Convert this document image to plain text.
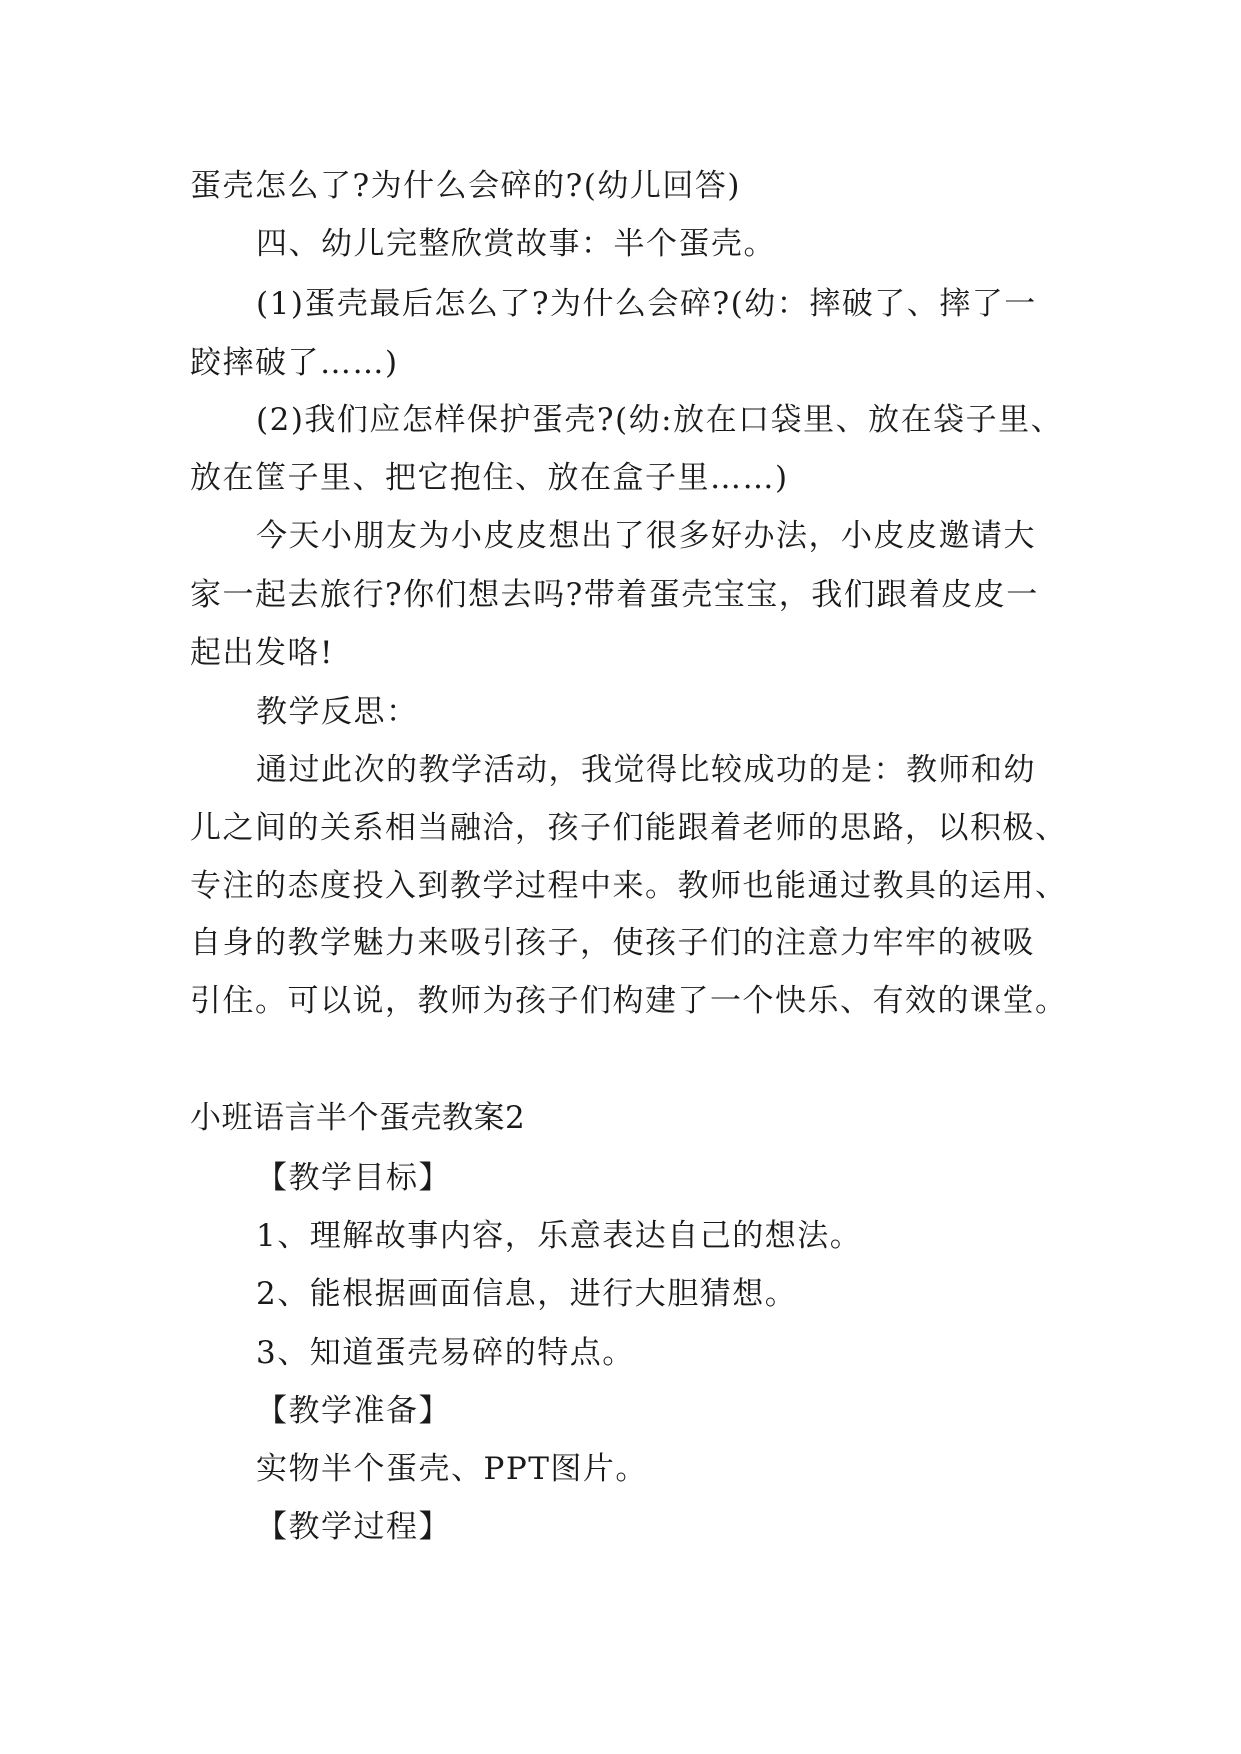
蛋壳怎么了?为什么会碎的?(幼儿回答)

四、幼儿完整欣赏故事：半个蛋壳。

(1)蛋壳最后怎么了?为什么会碎?(幼：摔破了、摔了一

跤摔破了……)

(2)我们应怎样保护蛋壳?(幼:放在口袋里、放在袋子里、

放在筐子里、把它抱住、放在盒子里……)

今天小朋友为小皮皮想出了很多好办法，小皮皮邀请大

家一起去旅行?你们想去吗?带着蛋壳宝宝，我们跟着皮皮一

起出发咯!

教学反思：

通过此次的教学活动，我觉得比较成功的是：教师和幼

儿之间的关系相当融洽，孩子们能跟着老师的思路，以积极、

专注的态度投入到教学过程中来。教师也能通过教具的运用、

自身的教学魅力来吸引孩子，使孩子们的注意力牢牢的被吸

引住。可以说，教师为孩子们构建了一个快乐、有效的课堂。

小班语言半个蛋壳教案2

【教学目标】

1、理解故事内容，乐意表达自己的想法。

2、能根据画面信息，进行大胆猜想。

3、知道蛋壳易碎的特点。

【教学准备】

实物半个蛋壳、PPT图片。

【教学过程】
